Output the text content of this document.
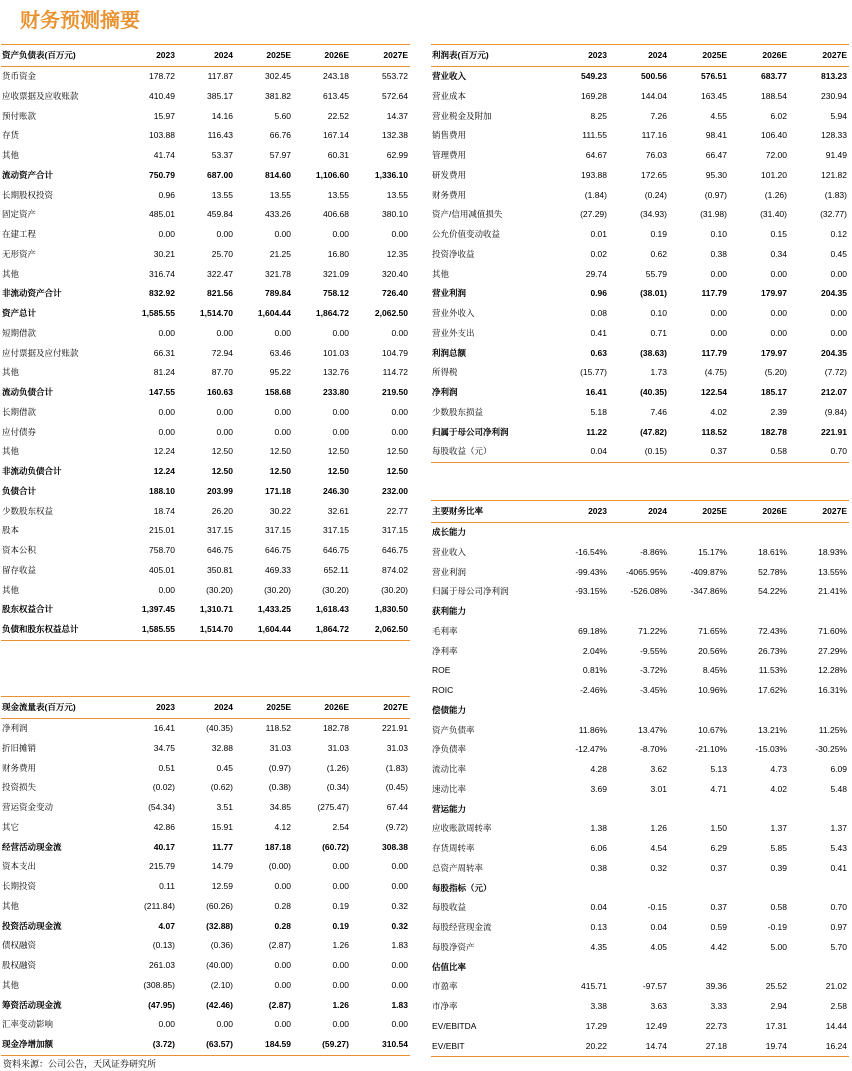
财务预测摘要
资产负债表(百万元)	2023	2024	2025E	2026E	2027E
货币资金	178.72	117.87	302.45	243.18	553.72
应收票据及应收账款	410.49	385.17	381.82	613.45	572.64
预付账款	15.97	14.16	5.60	22.52	14.37
存货	103.88	116.43	66.76	167.14	132.38
其他	41.74	53.37	57.97	60.31	62.99
流动资产合计	750.79	687.00	814.60	1,106.60	1,336.10
长期股权投资	0.96	13.55	13.55	13.55	13.55
固定资产	485.01	459.84	433.26	406.68	380.10
在建工程	0.00	0.00	0.00	0.00	0.00
无形资产	30.21	25.70	21.25	16.80	12.35
其他	316.74	322.47	321.78	321.09	320.40
非流动资产合计	832.92	821.56	789.84	758.12	726.40
资产总计	1,585.55	1,514.70	1,604.44	1,864.72	2,062.50
短期借款	0.00	0.00	0.00	0.00	0.00
应付票据及应付账款	66.31	72.94	63.46	101.03	104.79
其他	81.24	87.70	95.22	132.76	114.72
流动负债合计	147.55	160.63	158.68	233.80	219.50
长期借款	0.00	0.00	0.00	0.00	0.00
应付债券	0.00	0.00	0.00	0.00	0.00
其他	12.24	12.50	12.50	12.50	12.50
非流动负债合计	12.24	12.50	12.50	12.50	12.50
负债合计	188.10	203.99	171.18	246.30	232.00
少数股东权益	18.74	26.20	30.22	32.61	22.77
股本	215.01	317.15	317.15	317.15	317.15
资本公积	758.70	646.75	646.75	646.75	646.75
留存收益	405.01	350.81	469.33	652.11	874.02
其他	0.00	(30.20)	(30.20)	(30.20)	(30.20)
股东权益合计	1,397.45	1,310.71	1,433.25	1,618.43	1,830.50
负债和股东权益总计	1,585.55	1,514.70	1,604.44	1,864.72	2,062.50
利润表(百万元)	2023	2024	2025E	2026E	2027E
营业收入	549.23	500.56	576.51	683.77	813.23
营业成本	169.28	144.04	163.45	188.54	230.94
营业税金及附加	8.25	7.26	4.55	6.02	5.94
销售费用	111.55	117.16	98.41	106.40	128.33
管理费用	64.67	76.03	66.47	72.00	91.49
研发费用	193.88	172.65	95.30	101.20	121.82
财务费用	(1.84)	(0.24)	(0.97)	(1.26)	(1.83)
资产/信用减值损失	(27.29)	(34.93)	(31.98)	(31.40)	(32.77)
公允价值变动收益	0.01	0.19	0.10	0.15	0.12
投资净收益	0.02	0.62	0.38	0.34	0.45
其他	29.74	55.79	0.00	0.00	0.00
营业利润	0.96	(38.01)	117.79	179.97	204.35
营业外收入	0.08	0.10	0.00	0.00	0.00
营业外支出	0.41	0.71	0.00	0.00	0.00
利润总额	0.63	(38.63)	117.79	179.97	204.35
所得税	(15.77)	1.73	(4.75)	(5.20)	(7.72)
净利润	16.41	(40.35)	122.54	185.17	212.07
少数股东损益	5.18	7.46	4.02	2.39	(9.84)
归属于母公司净利润	11.22	(47.82)	118.52	182.78	221.91
每股收益（元）	0.04	(0.15)	0.37	0.58	0.70
现金流量表(百万元)	2023	2024	2025E	2026E	2027E
净利润	16.41	(40.35)	118.52	182.78	221.91
折旧摊销	34.75	32.88	31.03	31.03	31.03
财务费用	0.51	0.45	(0.97)	(1.26)	(1.83)
投资损失	(0.02)	(0.62)	(0.38)	(0.34)	(0.45)
营运资金变动	(54.34)	3.51	34.85	(275.47)	67.44
其它	42.86	15.91	4.12	2.54	(9.72)
经营活动现金流	40.17	11.77	187.18	(60.72)	308.38
资本支出	215.79	14.79	(0.00)	0.00	0.00
长期投资	0.11	12.59	0.00	0.00	0.00
其他	(211.84)	(60.26)	0.28	0.19	0.32
投资活动现金流	4.07	(32.88)	0.28	0.19	0.32
债权融资	(0.13)	(0.36)	(2.87)	1.26	1.83
股权融资	261.03	(40.00)	0.00	0.00	0.00
其他	(308.85)	(2.10)	0.00	0.00	0.00
筹资活动现金流	(47.95)	(42.46)	(2.87)	1.26	1.83
汇率变动影响	0.00	0.00	0.00	0.00	0.00
现金净增加额	(3.72)	(63.57)	184.59	(59.27)	310.54
主要财务比率	2023	2024	2025E	2026E	2027E
成长能力					
营业收入	-16.54%	-8.86%	15.17%	18.61%	18.93%
营业利润	-99.43%	-4065.95%	-409.87%	52.78%	13.55%
归属于母公司净利润	-93.15%	-526.08%	-347.86%	54.22%	21.41%
获利能力					
毛利率	69.18%	71.22%	71.65%	72.43%	71.60%
净利率	2.04%	-9.55%	20.56%	26.73%	27.29%
ROE	0.81%	-3.72%	8.45%	11.53%	12.28%
ROIC	-2.46%	-3.45%	10.96%	17.62%	16.31%
偿债能力					
资产负债率	11.86%	13.47%	10.67%	13.21%	11.25%
净负债率	-12.47%	-8.70%	-21.10%	-15.03%	-30.25%
流动比率	4.28	3.62	5.13	4.73	6.09
速动比率	3.69	3.01	4.71	4.02	5.48
营运能力					
应收账款周转率	1.38	1.26	1.50	1.37	1.37
存货周转率	6.06	4.54	6.29	5.85	5.43
总资产周转率	0.38	0.32	0.37	0.39	0.41
每股指标（元）					
每股收益	0.04	-0.15	0.37	0.58	0.70
每股经营现金流	0.13	0.04	0.59	-0.19	0.97
每股净资产	4.35	4.05	4.42	5.00	5.70
估值比率					
市盈率	415.71	-97.57	39.36	25.52	21.02
市净率	3.38	3.63	3.33	2.94	2.58
EV/EBITDA	17.29	12.49	22.73	17.31	14.44
EV/EBIT	20.22	14.74	27.18	19.74	16.24
资料来源：公司公告，天风证券研究所
